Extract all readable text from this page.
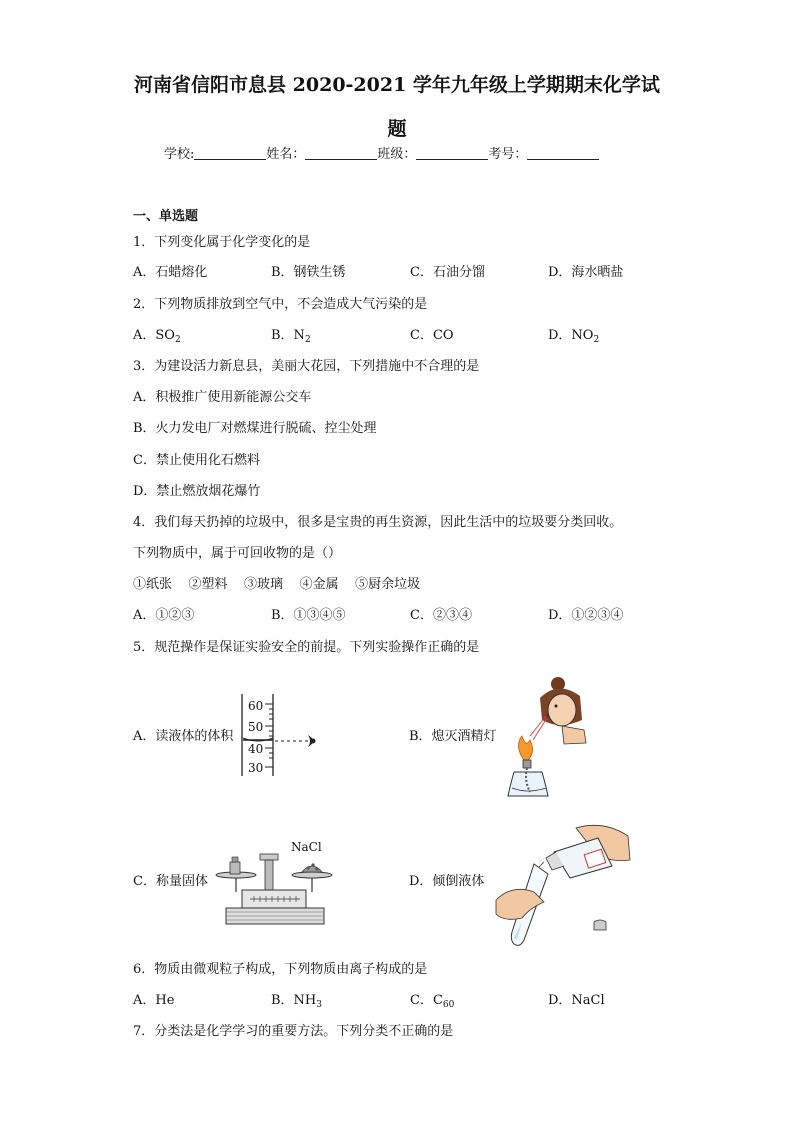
河南省信阳市息县 2020-2021 学年九年级上学期期末化学试
题
学校:	姓名：	班级：	考号：
一、单选题
1．下列变化属于化学变化的是
A．石蜡熔化	B．钢铁生锈	C．石油分馏	D．海水晒盐
2．下列物质排放到空气中，不会造成大气污染的是
A．$SO_2$	B．$N_2$	C．CO	D．$NO_2$
3．为建设活力新息县，美丽大花园，下列措施中不合理的是
A．积极推广使用新能源公交车
B．火力发电厂对燃煤进行脱硫、控尘处理
C．禁止使用化石燃料
D．禁止燃放烟花爆竹
4．我们每天扔掉的垃圾中，很多是宝贵的再生资源，因此生活中的垃圾要分类回收。
下列物质中，属于可回收物的是（）
①纸张    ②塑料    ③玻璃    ④金属    ⑤厨余垃圾
A．①②③	B．①③④⑤	C．②③④	D．①②③④
5．规范操作是保证实验安全的前提。下列实验操作正确的是
A．读液体的体积
60
50
40
30
B．熄灭酒精灯
C．称量固体
NaCl
D．倾倒液体
6．物质由微观粒子构成，下列物质由离子构成的是
A．He	B．$NH_3$	C．$C_{60}$	D．NaCl
7．分类法是化学学习的重要方法。下列分类不正确的是
